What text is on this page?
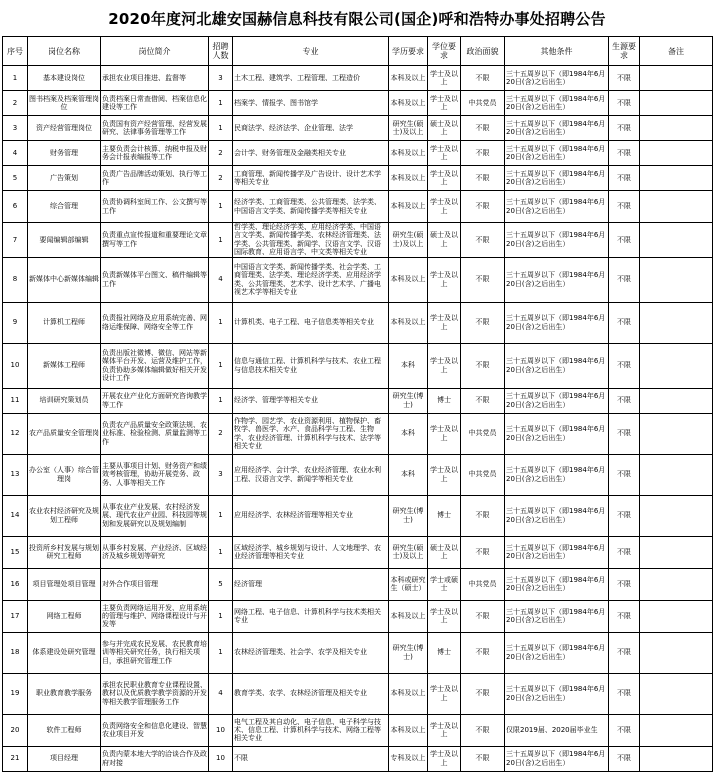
2020年度河北雄安国赫信息科技有限公司(国企)呼和浩特办事处招聘公告
序号	岗位名称	岗位简介	招聘人数	专业	学历要求	学位要求	政治面貌	其他条件	生源要求	备注
1	基本建设岗位	承担农业项目推进、监督等	3	土木工程、建筑学、工程管理、工程造价	本科及以上	学士及以上	不限	三十五周岁以下（即1984年6月20日(含)之后出生）	不限	
2	图书档案及档案管理岗位	负责档案日常查借阅、档案信息化建设等工作	1	档案学、情报学、图书馆学	本科及以上	学士及以上	中共党员	三十五周岁以下（即1984年6月20日(含)之后出生）	不限	
3	资产经营管理岗位	负责国有资产经营管理、经营发展研究、法律事务管理等工作	1	民商法学、经济法学、企业管理、法学	研究生(硕士)及以上	硕士及以上	不限	三十五周岁以下（即1984年6月20日(含)之后出生）	不限	
4	财务管理	主要负责会计核算、纳税申报及财务会计报表编报等工作	2	会计学、财务管理及金融类相关专业	本科及以上	学士及以上	不限	三十五周岁以下（即1984年6月20日(含)之后出生）	不限	
5	广告策划	负责广告品牌活动策划、执行等工作	2	工商管理、新闻传播学及广告设计、设计艺术学等相关专业	本科及以上	学士及以上	不限	三十五周岁以下（即1984年6月20日(含)之后出生）	不限	
6	综合管理	负责协调科室间工作、公文撰写等工作	1	经济学类、工商管理类、公共管理类、法学类、中国语言文学类、新闻传播学类等相关专业	本科及以上	学士及以上	不限	三十五周岁以下（即1984年6月20日(含)之后出生）	不限	
7	要闻编辑部编辑	负责重点宣传报道和重要理论文章撰写等工作	1	哲学类、理论经济学类、应用经济学类、中国语言文学类、新闻传播学类、农林经济管理类、法学类、公共管理类、新闻学、汉语言文学、汉语国际教育、应用语言学、中文类等相关专业	研究生(硕士)及以上	硕士及以上	不限	三十五周岁以下（即1984年6月20日(含)之后出生）	不限	
8	新媒体中心新媒体编辑	负责新媒体平台图文、稿件编辑等工作	4	中国语言文学类、新闻传播学类、社会学类、工商管理类、法学类、理论经济学类、应用经济学类、公共管理类、艺术学、设计艺术学、广播电视艺术学等相关专业	本科及以上	学士及以上	不限	三十五周岁以下（即1984年6月20日(含)之后出生）	不限	
9	计算机工程师	负责报社网络及应用系统完善、网络运维保障、网络安全等工作	1	计算机类、电子工程、电子信息类等相关专业	本科及以上	学士及以上	不限	三十五周岁以下（即1984年6月20日(含)之后出生）	不限	
10	新媒体工程师	负责出版社微博、微信、网站等新媒体平台开发、运营及维护工作，负责协助多媒体编辑做好相关开发设计工作	1	信息与通信工程、计算机科学与技术、农业工程与信息技术相关专业	本科	学士及以上	不限	三十五周岁以下（即1984年6月20日(含)之后出生）	不限	
11	培训研究策划员	开展农业产业化方面研究咨询教学等工作	1	经济学、管理学等相关专业	研究生(博士)	博士	不限	三十五周岁以下（即1984年6月20日(含)之后出生）	不限	
12	农产品质量安全管理岗	负责农产品质量安全政策法规、农业标准、检验检测、质量监测等工作	2	作物学、园艺学、农业资源利用、植物保护、畜牧学、兽医学、水产、食品科学与工程、生物学、农业经济管理、计算机科学与技术、法学等相关专业	本科	学士及以上	中共党员	三十五周岁以下（即1984年6月20日(含)之后出生）	不限	
13	办公室（人事）综合管理岗	主要从事项目计划、财务资产和绩效考核管理，协助开展党务、政务、人事等相关工作	3	应用经济学、会计学、农业经济管理、农业水利工程、汉语言文学、新闻学等相关专业	本科	学士及以上	中共党员	三十五周岁以下（即1984年6月20日(含)之后出生）	不限	
14	农业农村经济研究及规划工程师	从事农业产业发展、农村经济发展、现代农业产业园、科技园等规划和发展研究以及规划编制	1	应用经济学、农林经济管理等相关专业	研究生(博士)	博士	不限	三十五周岁以下（即1984年6月20日(含)之后出生）	不限	
15	投资所乡村发展与规划研究工程师	从事乡村发展、产业经济、区域经济及城乡规划等研究	1	区域经济学、城乡规划与设计、人文地理学、农业经济管理等相关专业	研究生(硕士)及以上	硕士及以上	不限	三十五周岁以下（即1984年6月20日(含)之后出生）	不限	
16	项目管理处项目管理	对外合作项目管理	5	经济管理	本科或研究生（硕士）	学士或硕士	中共党员	三十五周岁以下（即1984年6月20日(含)之后出生）	不限	
17	网络工程师	主要负责网络运用开发、应用系统的管理与维护、网络课程设计与开发等	1	网络工程、电子信息、计算机科学与技术类相关专业	本科及以上	学士及以上	不限	三十五周岁以下（即1984年6月20日(含)之后出生）	不限	
18	体系建设处研究管理	参与并完成农民发展、农民教育培训等相关研究任务，执行相关项目，承担研究管理工作	1	农林经济管理类、社会学、农学及相关专业	研究生(博士)	博士	不限	三十五周岁以下（即1984年6月20日(含)之后出生）	不限	
19	职业教育教学服务	承担农民职业教育专业课程设置、教材以及优质教学教学资源的开发等相关教学管理服务工作	4	教育学类、农学、农林经济管理及相关专业	本科及以上	学士及以上	不限	三十五周岁以下（即1984年6月20日(含)之后出生）	不限	
20	软件工程师	负责网络安全和信息化建设、智慧农业项目开发	10	电气工程及其自动化、电子信息、电子科学与技术、信息工程、计算机科学与技术、网络工程等相关专业	本科及以上	学士及以上	不限	仅限2019届、2020届毕业生	不限	
21	项目经理	负责内蒙本地大学的洽谈合作及政府对接	10	不限	专科及以上	学士及以上	不限	三十五周岁以下（即1984年6月20日(含)之后出生）	不限	
